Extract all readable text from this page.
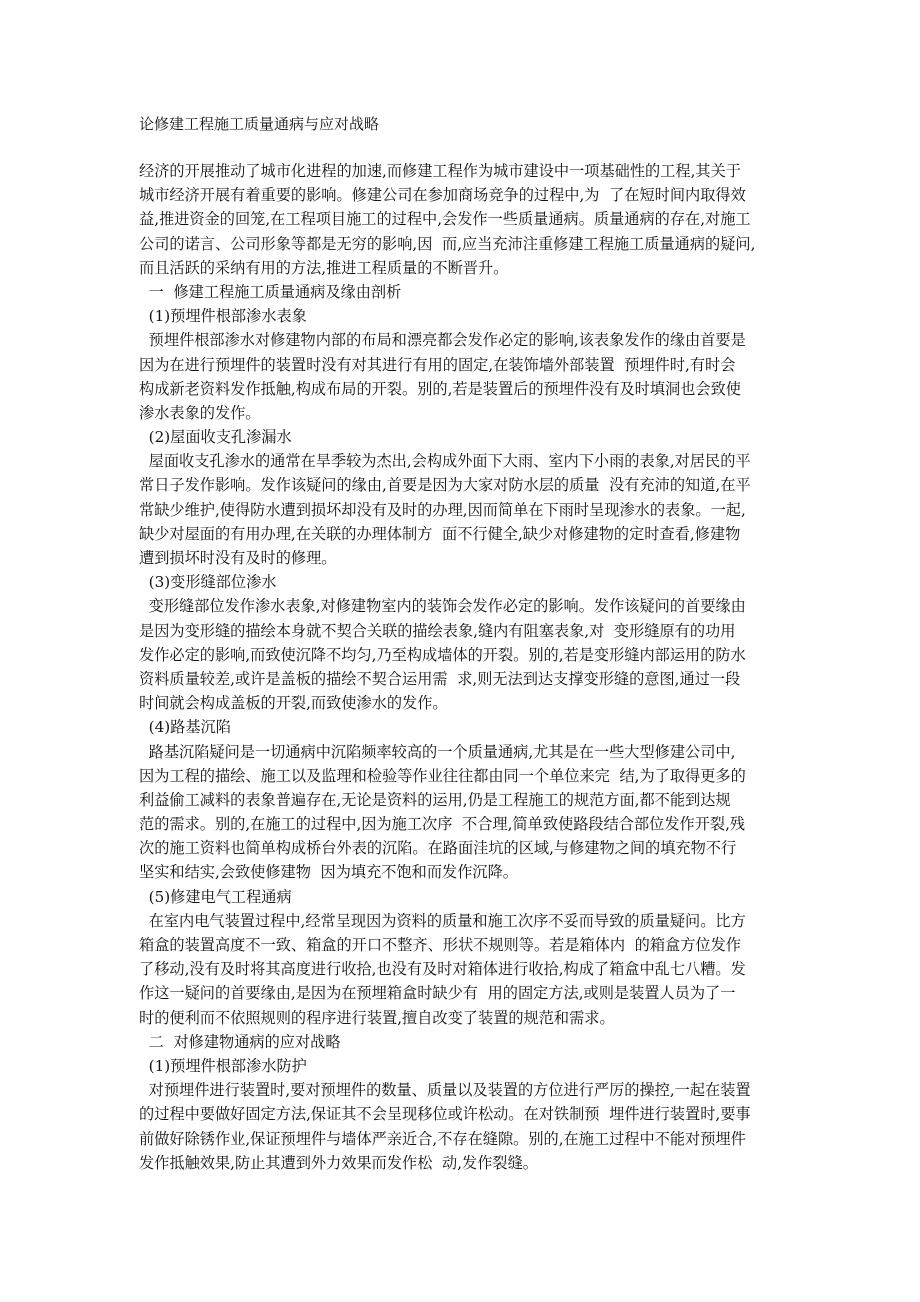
论修建工程施工质量通病与应对战略
经济的开展推动了城市化进程的加速,而修建工程作为城市建设中一项基础性的工程,其关于
城市经济开展有着重要的影响。修建公司在参加商场竞争的过程中,为  了在短时间内取得效
益,推进资金的回笼,在工程项目施工的过程中,会发作一些质量通病。质量通病的存在,对施工
公司的诺言、公司形象等都是无穷的影响,因  而,应当充沛注重修建工程施工质量通病的疑问,
而且活跃的采纳有用的方法,推进工程质量的不断晋升。
一  修建工程施工质量通病及缘由剖析
(1)预埋件根部渗水表象
预埋件根部渗水对修建物内部的布局和漂亮都会发作必定的影响,该表象发作的缘由首要是
因为在进行预埋件的装置时没有对其进行有用的固定,在装饰墙外部装置  预埋件时,有时会
构成新老资料发作抵触,构成布局的开裂。别的,若是装置后的预埋件没有及时填洞也会致使
渗水表象的发作。
(2)屋面收支孔渗漏水
屋面收支孔渗水的通常在旱季较为杰出,会构成外面下大雨、室内下小雨的表象,对居民的平
常日子发作影响。发作该疑问的缘由,首要是因为大家对防水层的质量  没有充沛的知道,在平
常缺少维护,使得防水遭到损坏却没有及时的办理,因而简单在下雨时呈现渗水的表象。一起,
缺少对屋面的有用办理,在关联的办理体制方  面不行健全,缺少对修建物的定时查看,修建物
遭到损坏时没有及时的修理。
(3)变形缝部位渗水
变形缝部位发作渗水表象,对修建物室内的装饰会发作必定的影响。发作该疑问的首要缘由
是因为变形缝的描绘本身就不契合关联的描绘表象,缝内有阻塞表象,对  变形缝原有的功用
发作必定的影响,而致使沉降不均匀,乃至构成墙体的开裂。别的,若是变形缝内部运用的防水
资料质量较差,或许是盖板的描绘不契合运用需  求,则无法到达支撑变形缝的意图,通过一段
时间就会构成盖板的开裂,而致使渗水的发作。
(4)路基沉陷
路基沉陷疑问是一切通病中沉陷频率较高的一个质量通病,尤其是在一些大型修建公司中,
因为工程的描绘、施工以及监理和检验等作业往往都由同一个单位来完  结,为了取得更多的
利益偷工减料的表象普遍存在,无论是资料的运用,仍是工程施工的规范方面,都不能到达规
范的需求。别的,在施工的过程中,因为施工次序  不合理,简单致使路段结合部位发作开裂,残
次的施工资料也简单构成桥台外表的沉陷。在路面洼坑的区域,与修建物之间的填充物不行
坚实和结实,会致使修建物  因为填充不饱和而发作沉降。
(5)修建电气工程通病
在室内电气装置过程中,经常呈现因为资料的质量和施工次序不妥而导致的质量疑问。比方
箱盒的装置高度不一致、箱盒的开口不整齐、形状不规则等。若是箱体内  的箱盒方位发作
了移动,没有及时将其高度进行收拾,也没有及时对箱体进行收拾,构成了箱盒中乱七八糟。发
作这一疑问的首要缘由,是因为在预埋箱盒时缺少有  用的固定方法,或则是装置人员为了一
时的便利而不依照规则的程序进行装置,擅自改变了装置的规范和需求。
二  对修建物通病的应对战略
(1)预埋件根部渗水防护
对预埋件进行装置时,要对预埋件的数量、质量以及装置的方位进行严厉的操控,一起在装置
的过程中要做好固定方法,保证其不会呈现移位或许松动。在对铁制预  埋件进行装置时,要事
前做好除锈作业,保证预埋件与墙体严亲近合,不存在缝隙。别的,在施工过程中不能对预埋件
发作抵触效果,防止其遭到外力效果而发作松  动,发作裂缝。
